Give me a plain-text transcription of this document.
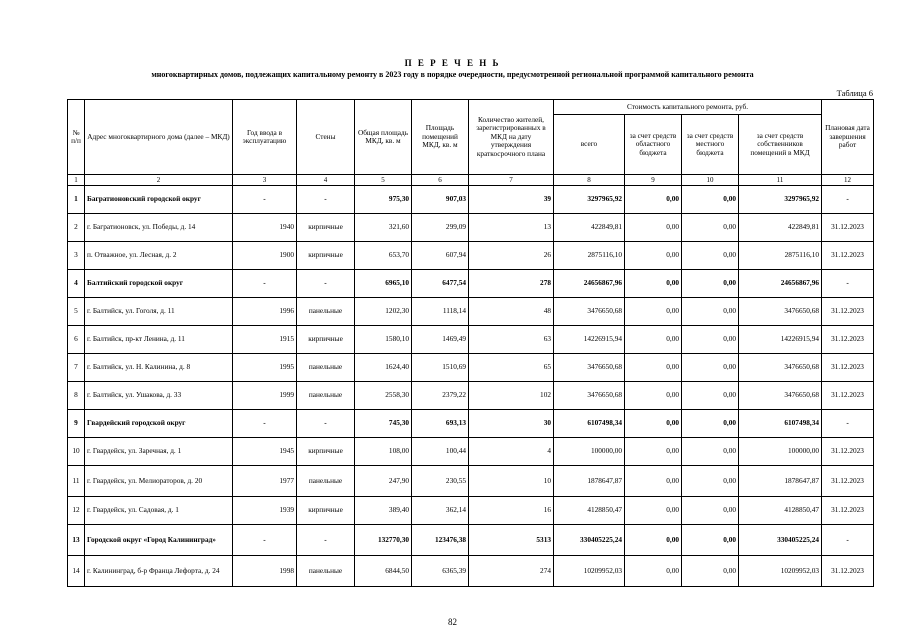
П Е Р Е Ч Е Н Ь
многоквартирных домов, подлежащих капитальному ремонту в 2023 году в порядке очередности, предусмотренной региональной программой капитального ремонта
Таблица 6
№ п/п	Адрес многоквартирного дома (далее – МКД)	Год ввода в эксплуатацию	Стены	Общая площадь МКД, кв. м	Площадь помещений МКД, кв. м	Количество жителей, зарегистрированных в МКД на дату утверждения краткосрочного плана	Стоимость капитального ремонта, руб.				Плановая дата завершения работ
							всего	за счет средств областного бюджета	за счет средств местного бюджета	за счет средств собственников помещений в МКД	
1	2	3	4	5	6	7	8	9	10	11	12
1	Багратионовский городской округ	-	-	975,30	907,03	39	3297965,92	0,00	0,00	3297965,92	-
2	г. Багратионовск, ул. Победы, д. 14	1940	кирпичные	321,60	299,09	13	422849,81	0,00	0,00	422849,81	31.12.2023
3	п. Отважное, ул. Лесная, д. 2	1900	кирпичные	653,70	607,94	26	2875116,10	0,00	0,00	2875116,10	31.12.2023
4	Балтийский городской округ	-	-	6965,10	6477,54	278	24656867,96	0,00	0,00	24656867,96	-
5	г. Балтийск, ул. Гоголя, д. 11	1996	панельные	1202,30	1118,14	48	3476650,68	0,00	0,00	3476650,68	31.12.2023
6	г. Балтийск, пр-кт Ленина, д. 11	1915	кирпичные	1580,10	1469,49	63	14226915,94	0,00	0,00	14226915,94	31.12.2023
7	г. Балтийск, ул. Н. Калинина, д. 8	1995	панельные	1624,40	1510,69	65	3476650,68	0,00	0,00	3476650,68	31.12.2023
8	г. Балтийск, ул. Ушакова, д. 33	1999	панельные	2558,30	2379,22	102	3476650,68	0,00	0,00	3476650,68	31.12.2023
9	Гвардейский городской округ	-	-	745,30	693,13	30	6107498,34	0,00	0,00	6107498,34	-
10	г. Гвардейск, ул. Заречная, д. 1	1945	кирпичные	108,00	100,44	4	100000,00	0,00	0,00	100000,00	31.12.2023
11	г. Гвардейск, ул. Мелиораторов, д. 20	1977	панельные	247,90	230,55	10	1878647,87	0,00	0,00	1878647,87	31.12.2023
12	г. Гвардейск, ул. Садовая, д. 1	1939	кирпичные	389,40	362,14	16	4128850,47	0,00	0,00	4128850,47	31.12.2023
13	Городской округ «Город Калининград»	-	-	132770,30	123476,38	5313	330405225,24	0,00	0,00	330405225,24	-
14	г. Калининград, б-р Франца Лефорта, д. 24	1998	панельные	6844,50	6365,39	274	10209952,03	0,00	0,00	10209952,03	31.12.2023
82
